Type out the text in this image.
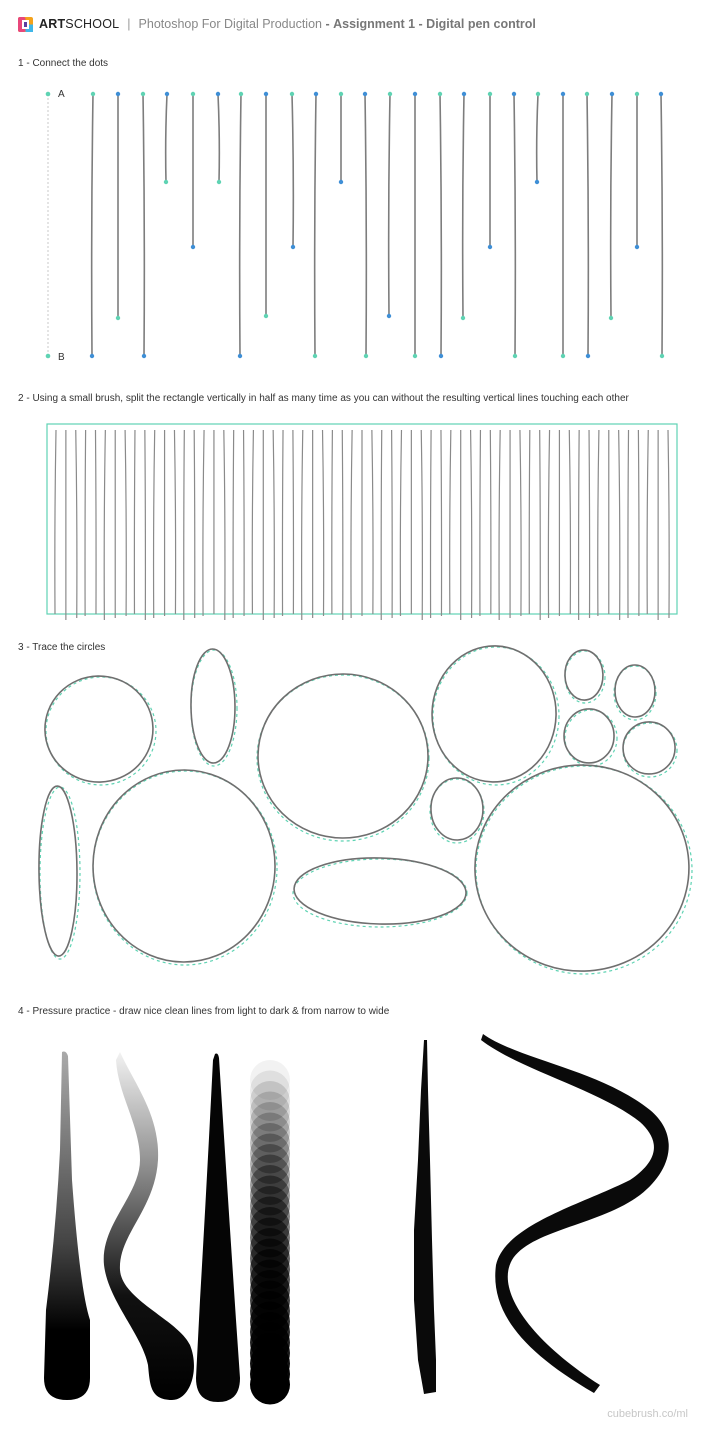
ARTSCHOOL | Photoshop For Digital Production - Assignment 1 - Digital pen control
1 - Connect the dots
2 - Using a small brush, split the rectangle vertically in half as many time as you can without the resulting vertical lines touching each other
3 - Trace the circles
4 - Pressure practice - draw nice clean lines from light to dark & from narrow to wide
A
B
cubebrush.co/ml
